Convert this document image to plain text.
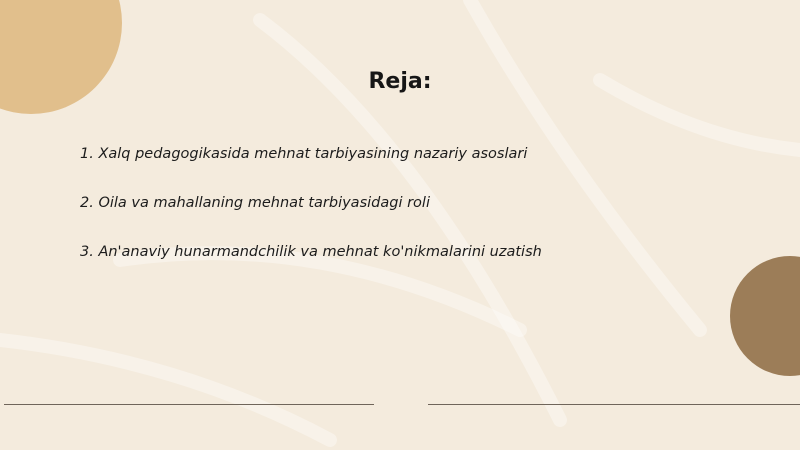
Reja:
1. Xalq pedagogikasida mehnat tarbiyasining nazariy asoslari
2. Oila va mahallaning mehnat tarbiyasidagi roli
3. An'anaviy hunarmandchilik va mehnat ko'nikmalarini uzatish
